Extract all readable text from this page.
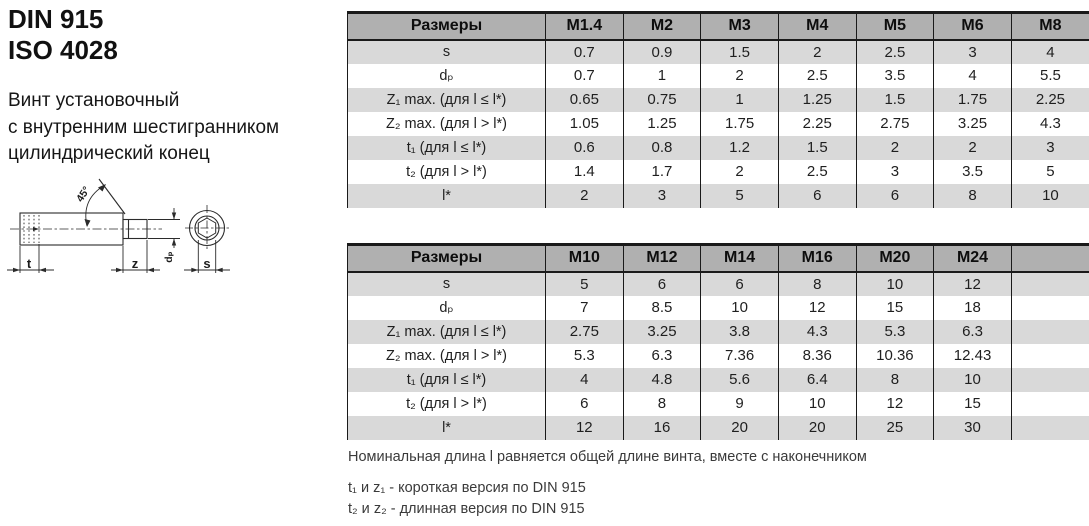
DIN 915
ISO 4028
Винт установочный
с внутренним шестигранником
цилиндрический конец
t	z	s
dₚ
45°
Размеры	M1.4	M2	M3	M4	M5	M6	M8
s	0.7	0.9	1.5	2	2.5	3	4
dₚ	0.7	1	2	2.5	3.5	4	5.5
Z₁ max. (для l ≤ l*)	0.65	0.75	1	1.25	1.5	1.75	2.25
Z₂ max. (для l > l*)	1.05	1.25	1.75	2.25	2.75	3.25	4.3
t₁ (для l ≤ l*)	0.6	0.8	1.2	1.5	2	2	3
t₂ (для l > l*)	1.4	1.7	2	2.5	3	3.5	5
l*	2	3	5	6	6	8	10
Размеры	M10	M12	M14	M16	M20	M24	
s	5	6	6	8	10	12	
dₚ	7	8.5	10	12	15	18	
Z₁ max. (для l ≤ l*)	2.75	3.25	3.8	4.3	5.3	6.3	
Z₂ max. (для l > l*)	5.3	6.3	7.36	8.36	10.36	12.43	
t₁ (для l ≤ l*)	4	4.8	5.6	6.4	8	10	
t₂ (для l > l*)	6	8	9	10	12	15	
l*	12	16	20	20	25	30	
Номинальная длина l равняется общей длине винта, вместе с наконечником
t₁ и z₁ - короткая версия по DIN 915
t₂ и z₂ - длинная версия по DIN 915
